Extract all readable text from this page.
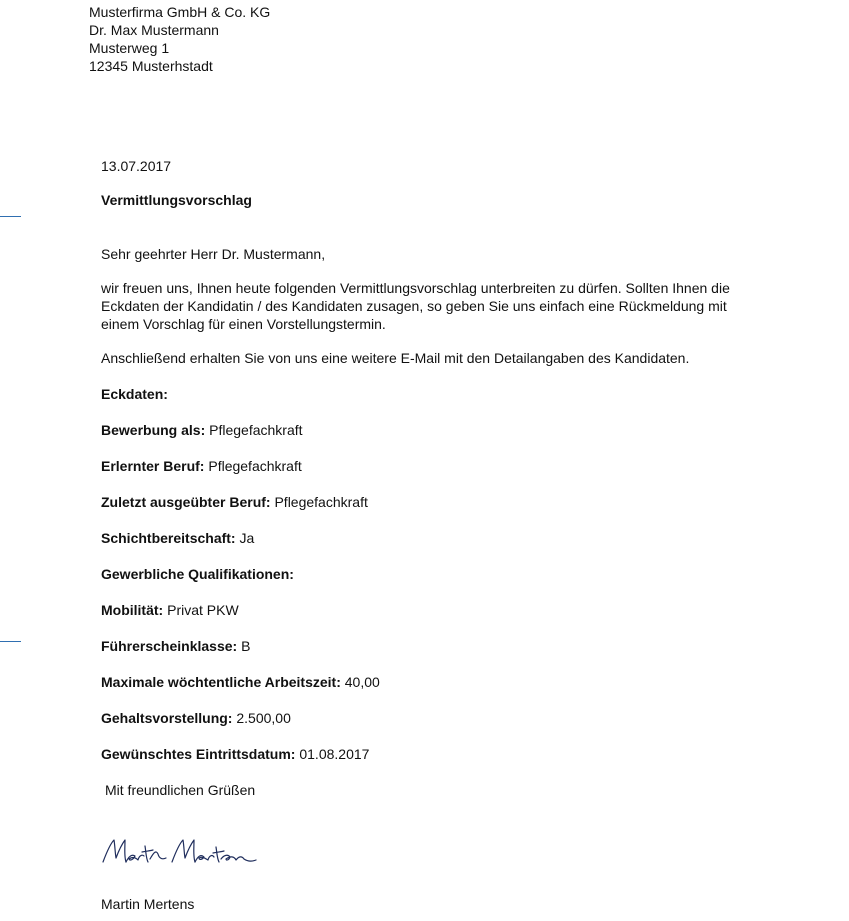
Musterfirma GmbH & Co. KG
Dr. Max Mustermann
Musterweg 1
12345 Musterhstadt
13.07.2017
Vermittlungsvorschlag
Sehr geehrter Herr Dr. Mustermann,

wir freuen uns, Ihnen heute folgenden Vermittlungsvorschlag unterbreiten zu dürfen. Sollten Ihnen die

Eckdaten der Kandidatin / des Kandidaten zusagen, so geben Sie uns einfach eine Rückmeldung mit

einem Vorschlag für einen Vorstellungstermin.

Anschließend erhalten Sie von uns eine weitere E-Mail mit den Detailangaben des Kandidaten.
Eckdaten:
Bewerbung als: Pflegefachkraft
Erlernter Beruf: Pflegefachkraft
Zuletzt ausgeübter Beruf: Pflegefachkraft
Schichtbereitschaft: Ja
Gewerbliche Qualifikationen:
Mobilität: Privat PKW
Führerscheinklasse: B
Maximale wöchtentliche Arbeitszeit: 40,00
Gehaltsvorstellung: 2.500,00
Gewünschtes Eintrittsdatum: 01.08.2017
Mit freundlichen Grüßen
Martin Mertens
